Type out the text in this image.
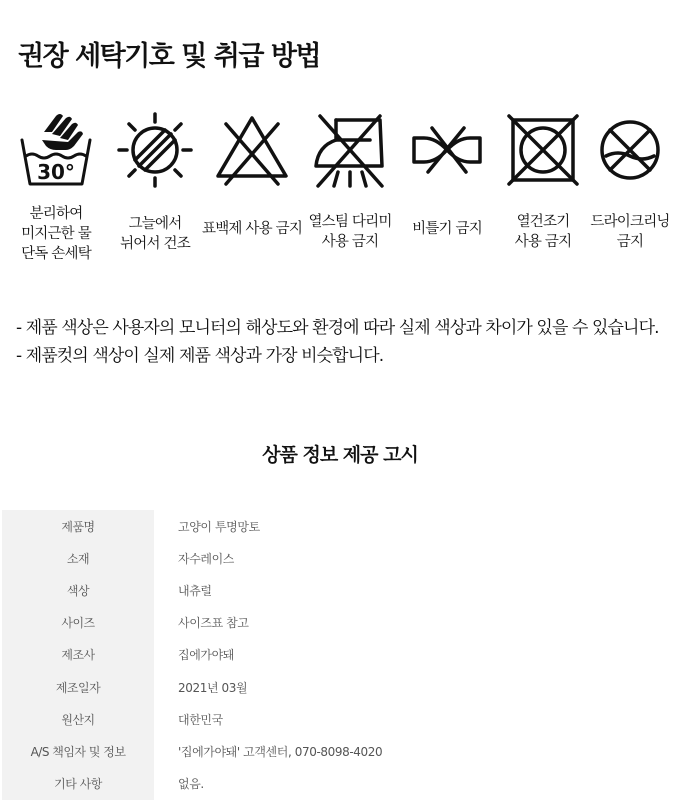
권장 세탁기호 및 취급 방법
30°
분리하여
미지근한 물
단독 손세탁
그늘에서
뉘어서 건조
표백제 사용 금지 열스팀 다리미
사용 금지
비틀기 금지	열건조기
사용 금지
드라이크리닝
금지
- 제품 색상은 사용자의 모니터의 해상도와 환경에 따라 실제 색상과 차이가 있을 수 있습니다.
- 제품컷의 색상이 실제 제품 색상과 가장 비슷합니다.
상품 정보 제공 고시
제품명	고양이 투명망토
소재	자수레이스
색상	내츄럴
사이즈	사이즈표 참고
제조사	집에가야돼
제조일자	2021년 03월
원산지	대한민국
A/S 책임자 및 정보	'집에가야돼' 고객센터, 070-8098-4020
기타 사항	없음.
